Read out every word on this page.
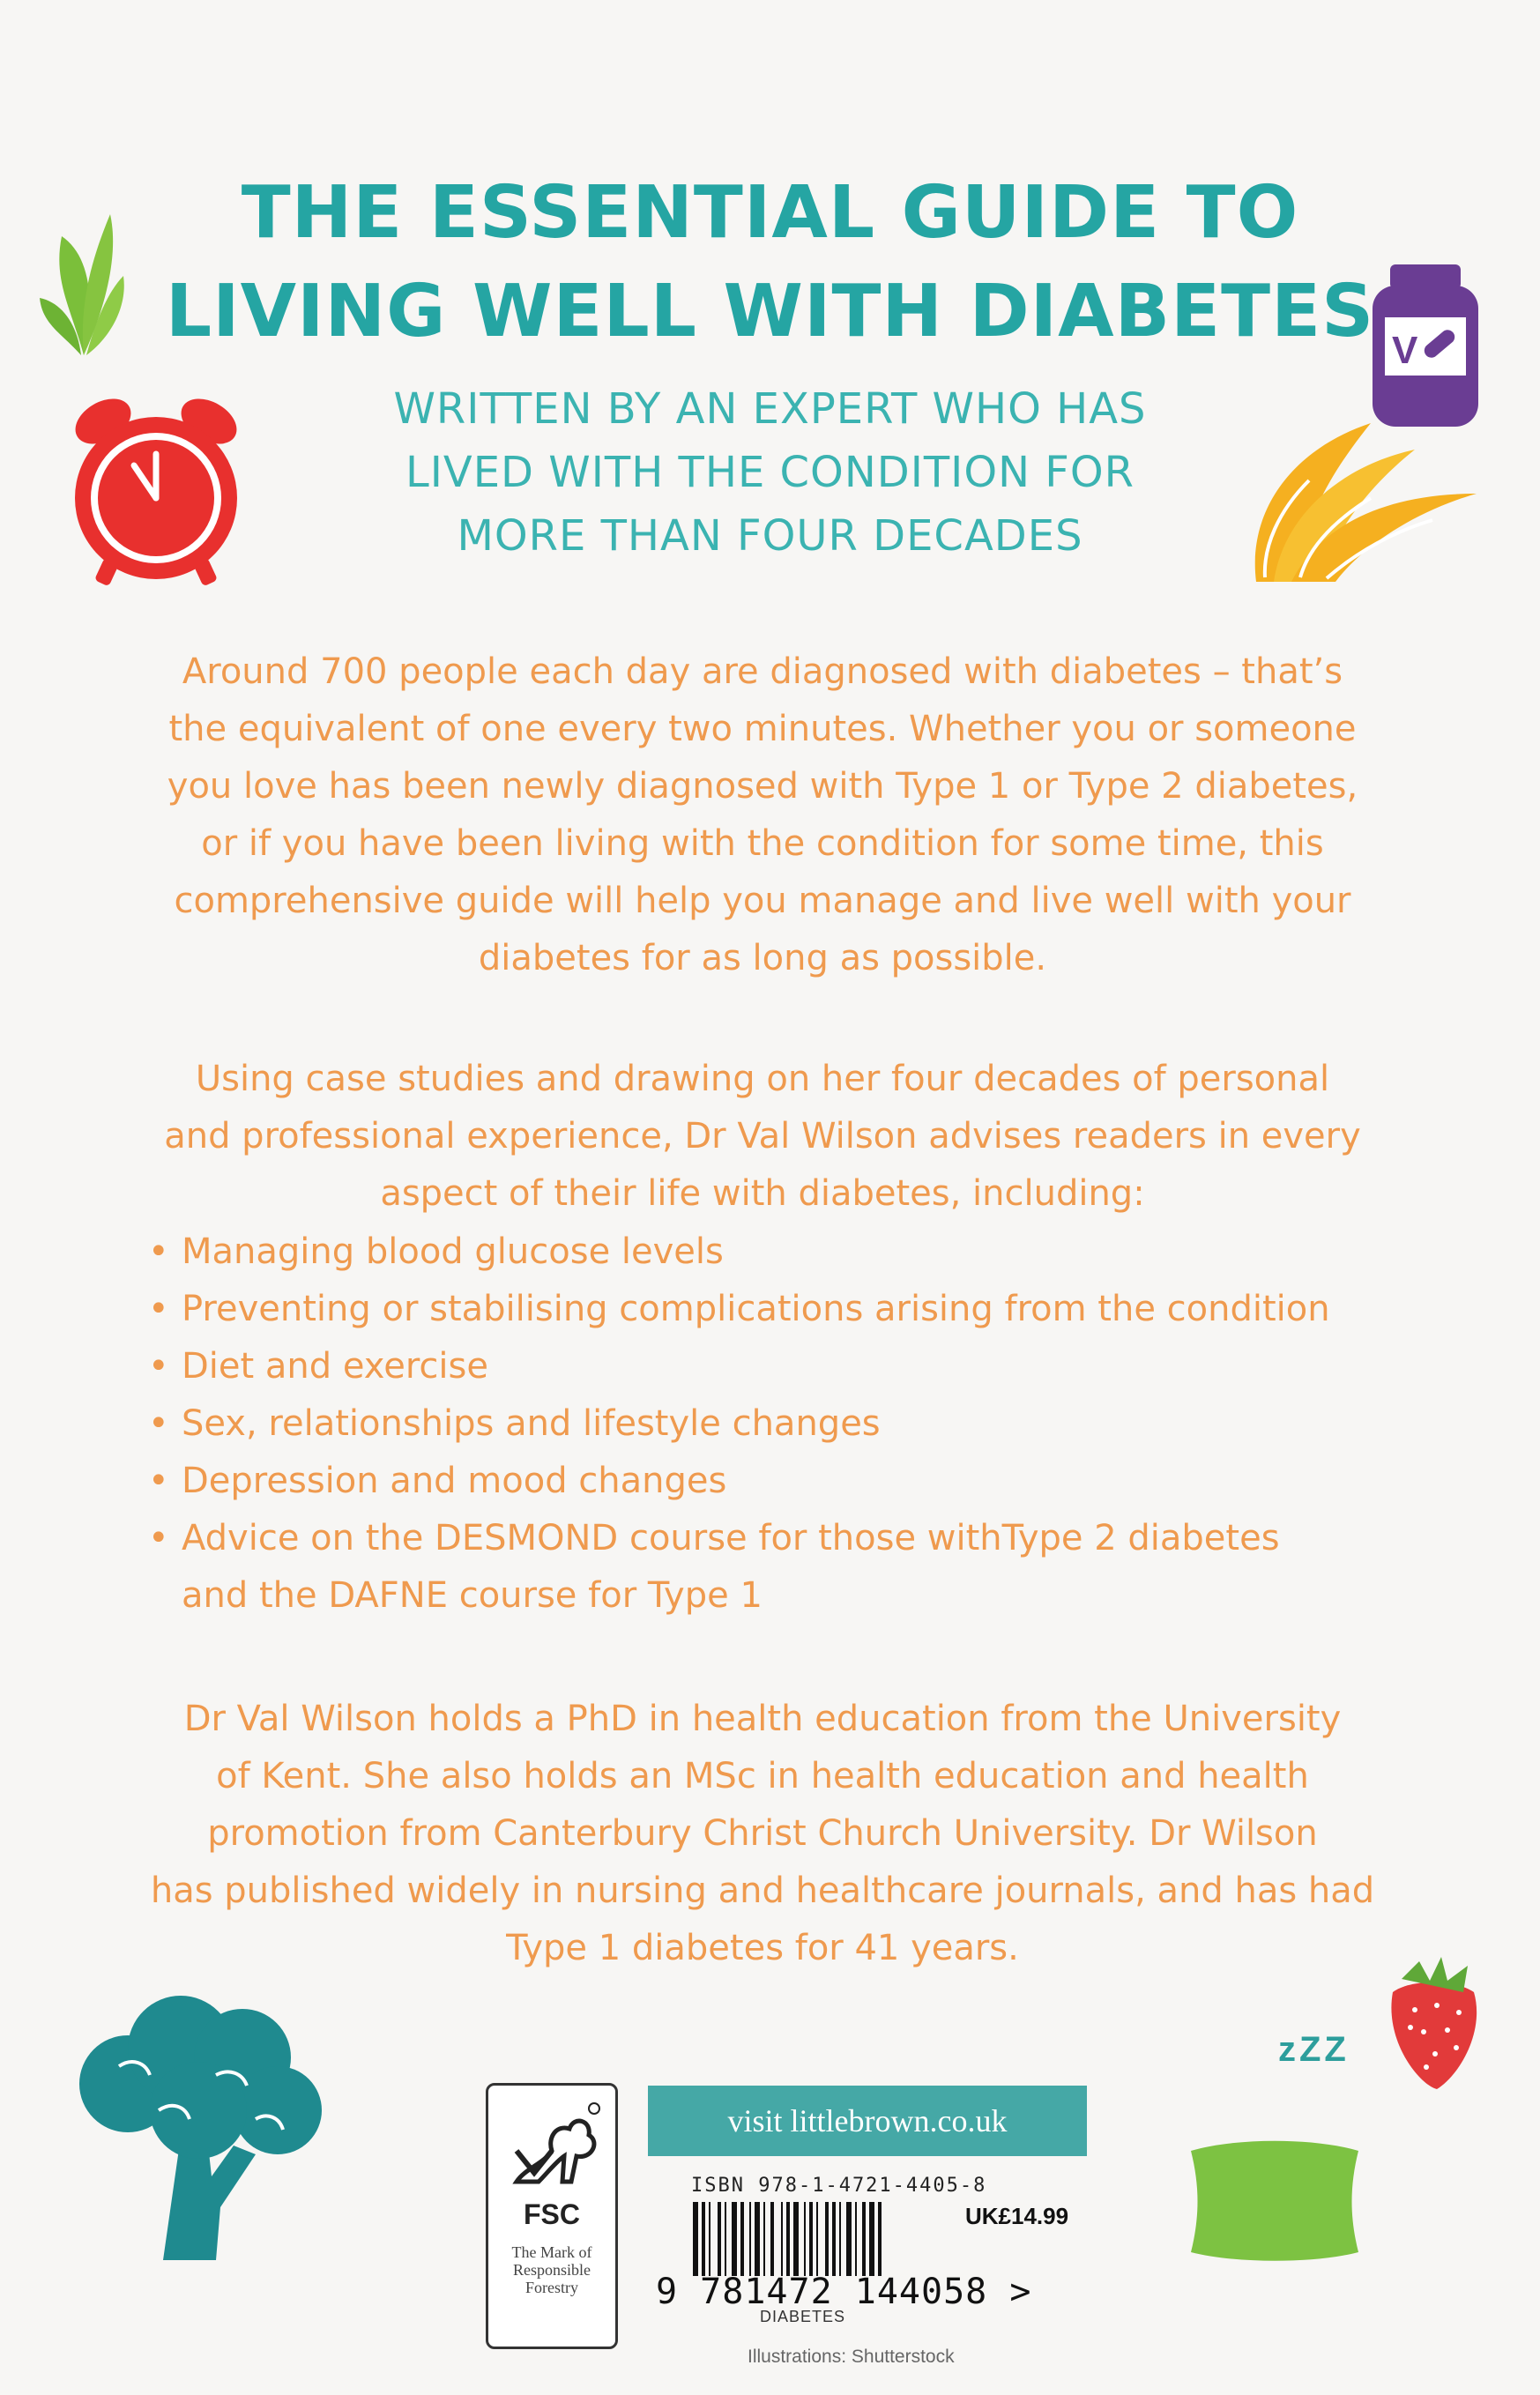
V
zZZ
THE ESSENTIAL GUIDE TO
LIVING WELL WITH DIABETES
WRITTEN BY AN EXPERT WHO HAS
LIVED WITH THE CONDITION FOR
MORE THAN FOUR DECADES
Around 700 people each day are diagnosed with diabetes – that’s
the equivalent of one every two minutes. Whether you or someone
you love has been newly diagnosed with Type 1 or Type 2 diabetes,
or if you have been living with the condition for some time, this
comprehensive guide will help you manage and live well with your
diabetes for as long as possible.
Using case studies and drawing on her four decades of personal
and professional experience, Dr Val Wilson advises readers in every
aspect of their life with diabetes, including:
• Managing blood glucose levels
• Preventing or stabilising complications arising from the condition
• Diet and exercise
• Sex, relationships and lifestyle changes
• Depression and mood changes
• Advice on the DESMOND course for those withType 2 diabetes
and the DAFNE course for Type 1
Dr Val Wilson holds a PhD in health education from the University
of Kent. She also holds an MSc in health education and health
promotion from Canterbury Christ Church University. Dr Wilson
has published widely in nursing and healthcare journals, and has had
Type 1 diabetes for 41 years.
FSC
The Mark of
Responsible
Forestry
visit littlebrown.co.uk
ISBN 978-1-4721-4405-8
UK£14.99
9 781472 144058 >
DIABETES
Illustrations: Shutterstock
